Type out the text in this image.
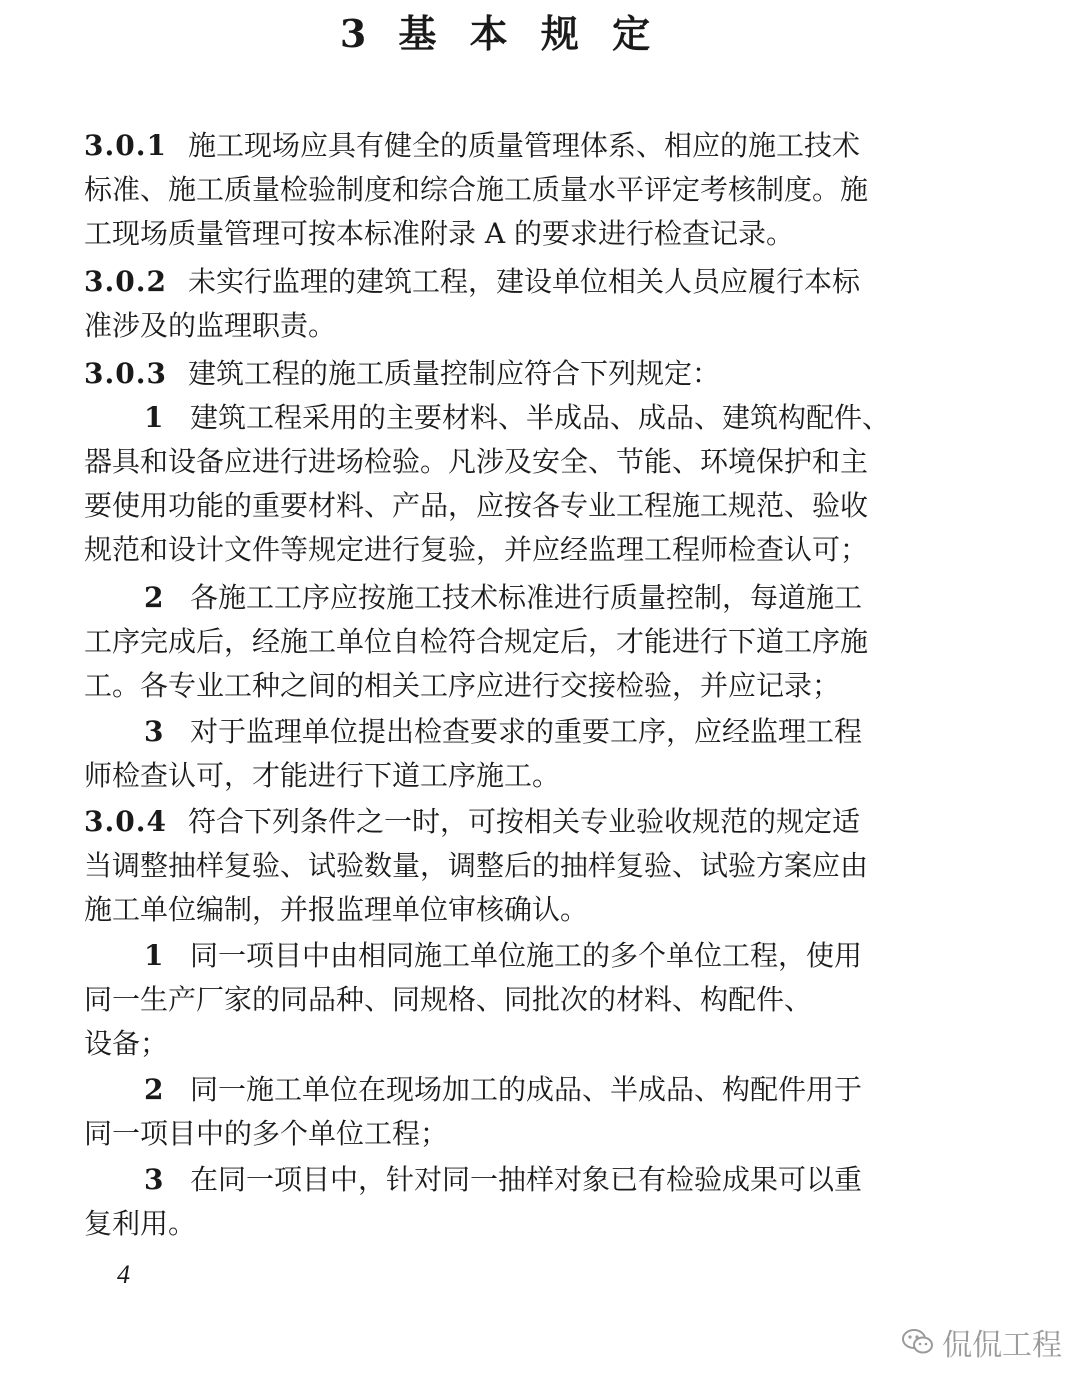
3 基 本 规 定
3.0.1 施工现场应具有健全的质量管理体系、相应的施工技术
标准、施工质量检验制度和综合施工质量水平评定考核制度。施
工现场质量管理可按本标准附录 A 的要求进行检查记录。
3.0.2 未实行监理的建筑工程，建设单位相关人员应履行本标
准涉及的监理职责。
3.0.3 建筑工程的施工质量控制应符合下列规定：
1 建筑工程采用的主要材料、半成品、成品、建筑构配件、
器具和设备应进行进场检验。凡涉及安全、节能、环境保护和主
要使用功能的重要材料、产品，应按各专业工程施工规范、验收
规范和设计文件等规定进行复验，并应经监理工程师检查认可；
2 各施工工序应按施工技术标准进行质量控制，每道施工
工序完成后，经施工单位自检符合规定后，才能进行下道工序施
工。各专业工种之间的相关工序应进行交接检验，并应记录；
3 对于监理单位提出检查要求的重要工序，应经监理工程
师检查认可，才能进行下道工序施工。
3.0.4 符合下列条件之一时，可按相关专业验收规范的规定适
当调整抽样复验、试验数量，调整后的抽样复验、试验方案应由
施工单位编制，并报监理单位审核确认。
1 同一项目中由相同施工单位施工的多个单位工程，使用
同一生产厂家的同品种、同规格、同批次的材料、构配件、
设备；
2 同一施工单位在现场加工的成品、半成品、构配件用于
同一项目中的多个单位工程；
3 在同一项目中，针对同一抽样对象已有检验成果可以重
复利用。
4
侃侃工程
